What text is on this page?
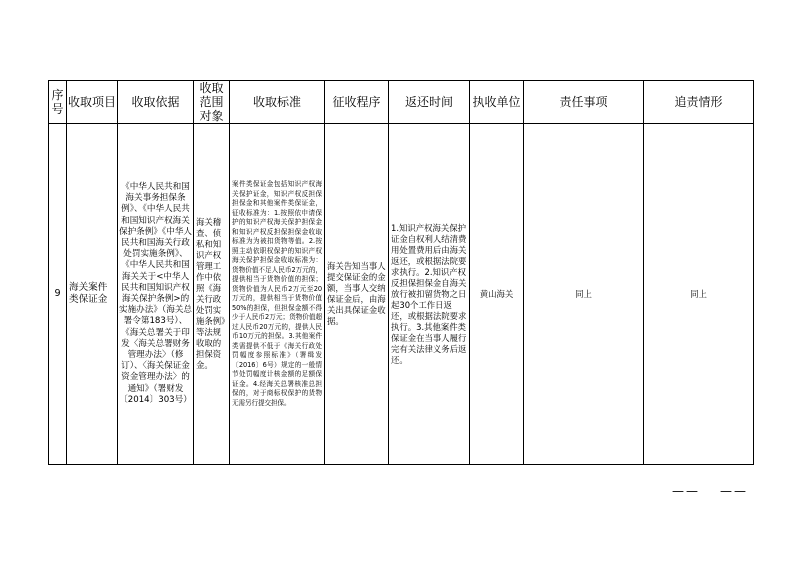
序号	收取项目	收取依据	收取范围对象	收取标准	征收程序	返还时间	执收单位	责任事项	追责情形
9	海关案件类保证金	《中华人民共和国海关事务担保条例》、《中华人民共和国知识产权海关保护条例》《中华人民共和国海关行政处罚实施条例》、《中华人民共和国海关关于<中华人民共和国知识产权海关保护条例>的实施办法》（海关总署令第183号）、《海关总署关于印发〈海关总署财务管理办法〉（修订）、〈海关保证金资金管理办法〉的通知》（署财发〔2014〕303号）	海关稽查、侦私和知识产权管理工作中依照《海关行政处罚实施条例》等法规收取的担保资金。	案件类保证金包括知识产权海关保护证金，知识产权反担保担保金和其他案件类保证金，征收标准为：1.按照依申请保护的知识产权海关保护担保金和知识产权反担保担保金收取标准为为被扣货物等值。2.按照主动依职权保护的知识产权海关保护担保金收取标准为：货物价值不足人民币2万元的，提供相当于货物价值的担保；货物价值为人民币2万元至20万元的，提供相当于货物价值50%的担保，但担保金额不得少于人民币2万元；货物价值超过人民币20万元的，提供人民币10万元的担保。3.其他案件类需提供不低于《海关行政处罚幅度参照标准》（署缉发〔2016〕6号）规定的一般情节处罚幅度计核金额的足额保证金。4.经海关总署核准总担保的，对于商标权保护的货物无需另行提交担保。	海关告知当事人提交保证金的金额，当事人交纳保证金后，由海关出具保证金收据。	1.知识产权海关保护证金自权利人结清费用处置费用后由海关返还，或根据法院要求执行。2.知识产权反担保担保金自海关放行被扣留货物之日起30个工作日返还，或根据法院要求执行。3.其他案件类保证金在当事人履行完有关法律义务后返还。	黄山海关	同上	同上
—— ——
